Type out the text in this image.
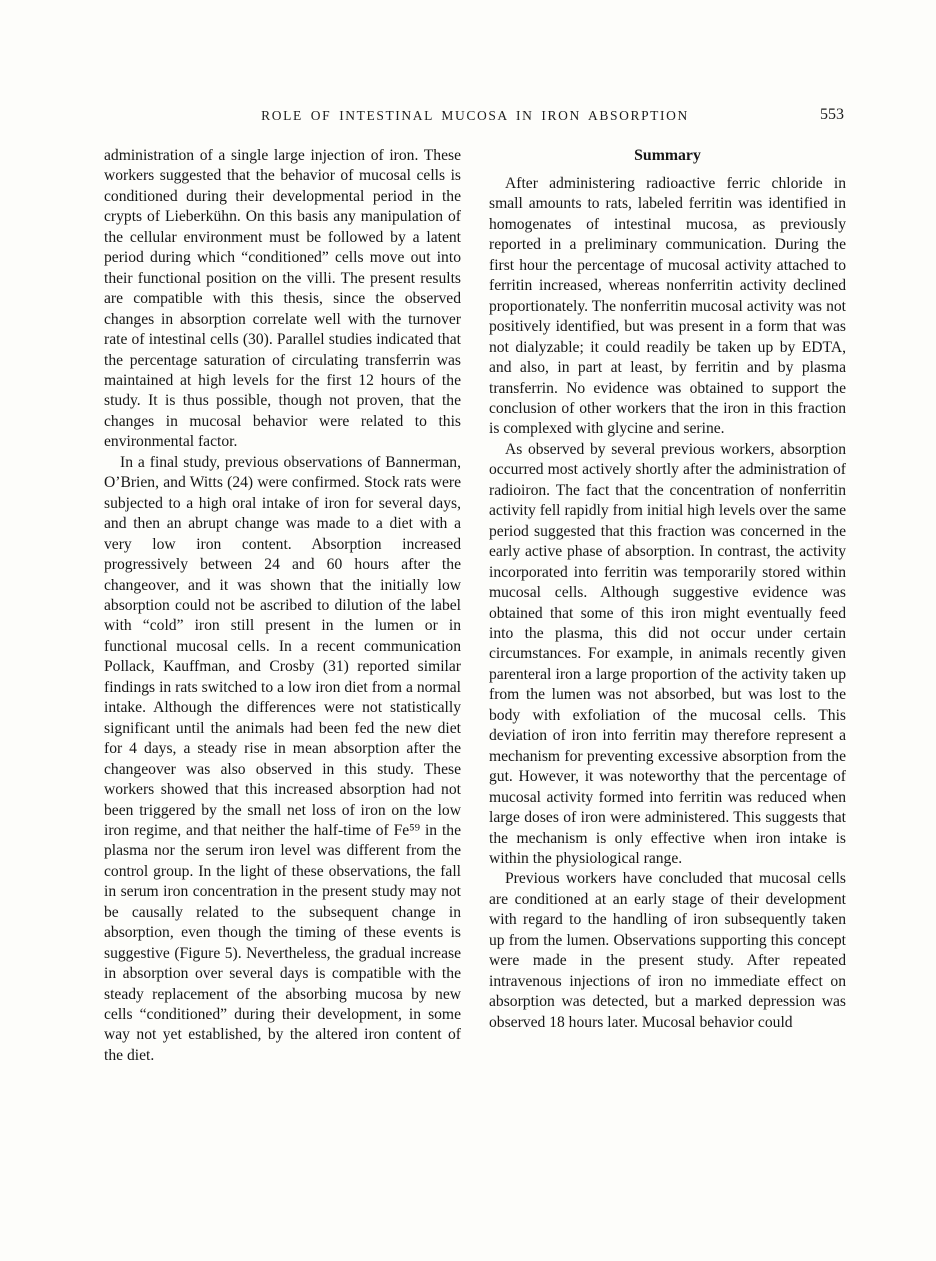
ROLE OF INTESTINAL MUCOSA IN IRON ABSORPTION	553

administration of a single large injection of iron. These workers suggested that the behavior of mucosal cells is conditioned during their developmental period in the crypts of Lieberkühn. On this basis any manipulation of the cellular environment must be followed by a latent period during which “conditioned” cells move out into their functional position on the villi. The present results are compatible with this thesis, since the observed changes in absorption correlate well with the turnover rate of intestinal cells (30). Parallel studies indicated that the percentage saturation of circulating transferrin was maintained at high levels for the first 12 hours of the study. It is thus possible, though not proven, that the changes in mucosal behavior were related to this environmental factor.

In a final study, previous observations of Bannerman, O’Brien, and Witts (24) were confirmed. Stock rats were subjected to a high oral intake of iron for several days, and then an abrupt change was made to a diet with a very low iron content. Absorption increased progressively between 24 and 60 hours after the changeover, and it was shown that the initially low absorption could not be ascribed to dilution of the label with “cold” iron still present in the lumen or in functional mucosal cells. In a recent communication Pollack, Kauffman, and Crosby (31) reported similar findings in rats switched to a low iron diet from a normal intake. Although the differences were not statistically significant until the animals had been fed the new diet for 4 days, a steady rise in mean absorption after the changeover was also observed in this study. These workers showed that this increased absorption had not been triggered by the small net loss of iron on the low iron regime, and that neither the half-time of Fe⁵⁹ in the plasma nor the serum iron level was different from the control group. In the light of these observations, the fall in serum iron concentration in the present study may not be causally related to the subsequent change in absorption, even though the timing of these events is suggestive (Figure 5). Nevertheless, the gradual increase in absorption over several days is compatible with the steady replacement of the absorbing mucosa by new cells “conditioned” during their development, in some way not yet established, by the altered iron content of the diet.

Summary

After administering radioactive ferric chloride in small amounts to rats, labeled ferritin was identified in homogenates of intestinal mucosa, as previously reported in a preliminary communication. During the first hour the percentage of mucosal activity attached to ferritin increased, whereas nonferritin activity declined proportionately. The nonferritin mucosal activity was not positively identified, but was present in a form that was not dialyzable; it could readily be taken up by EDTA, and also, in part at least, by ferritin and by plasma transferrin. No evidence was obtained to support the conclusion of other workers that the iron in this fraction is complexed with glycine and serine.

As observed by several previous workers, absorption occurred most actively shortly after the administration of radioiron. The fact that the concentration of nonferritin activity fell rapidly from initial high levels over the same period suggested that this fraction was concerned in the early active phase of absorption. In contrast, the activity incorporated into ferritin was temporarily stored within mucosal cells. Although suggestive evidence was obtained that some of this iron might eventually feed into the plasma, this did not occur under certain circumstances. For example, in animals recently given parenteral iron a large proportion of the activity taken up from the lumen was not absorbed, but was lost to the body with exfoliation of the mucosal cells. This deviation of iron into ferritin may therefore represent a mechanism for preventing excessive absorption from the gut. However, it was noteworthy that the percentage of mucosal activity formed into ferritin was reduced when large doses of iron were administered. This suggests that the mechanism is only effective when iron intake is within the physiological range.

Previous workers have concluded that mucosal cells are conditioned at an early stage of their development with regard to the handling of iron subsequently taken up from the lumen. Observations supporting this concept were made in the present study. After repeated intravenous injections of iron no immediate effect on absorption was detected, but a marked depression was observed 18 hours later. Mucosal behavior could
